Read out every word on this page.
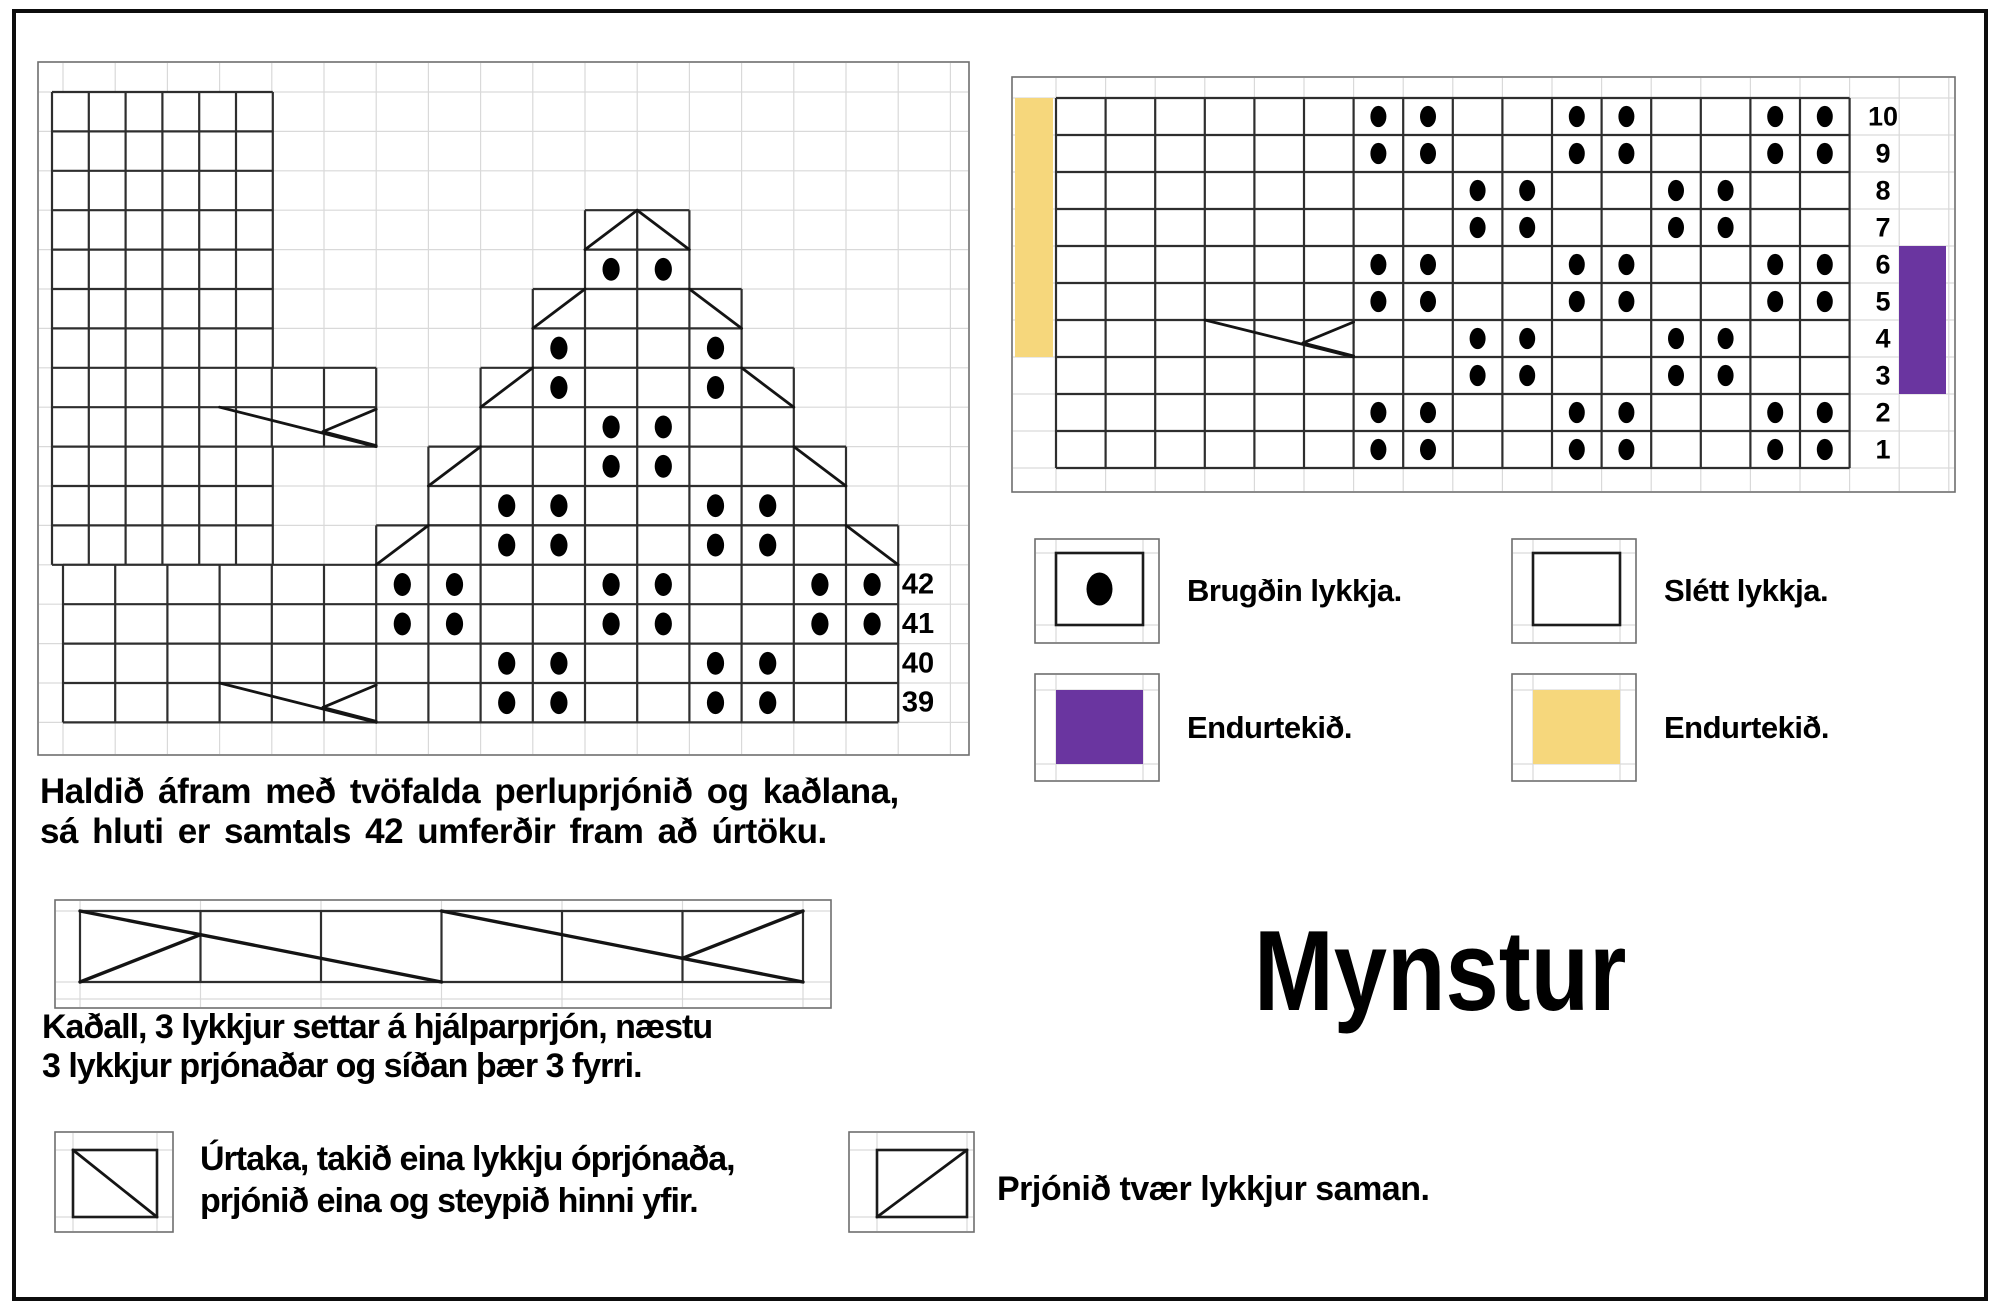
42
41
40
39
10
9
8
7
6
5
4
3
2
1
Brugðin lykkja.	Slétt lykkja.
Endurtekið.	Endurtekið.
Haldið áfram með tvöfalda perluprjónið og kaðlana,
sá hluti er samtals 42 umferðir fram að úrtöku.
Kaðall, 3 lykkjur settar á hjálparprjón, næstu
3 lykkjur prjónaðar og síðan þær 3 fyrri.
Mynstur
Úrtaka, takið eina lykkju óprjónaða,
prjónið eina og steypið hinni yfir.	Prjónið tvær lykkjur saman.
